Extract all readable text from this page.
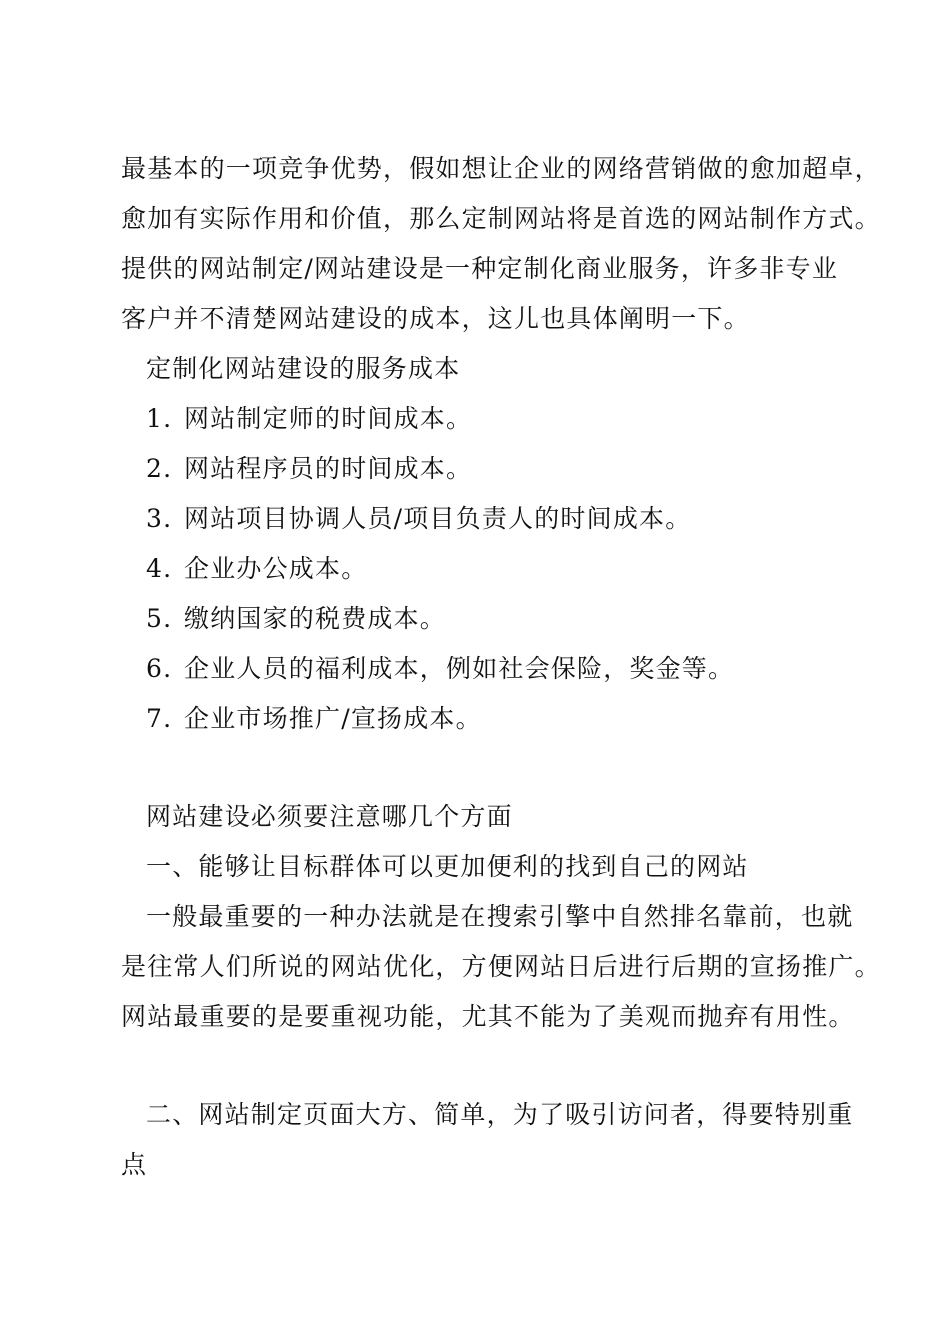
最基本的一项竞争优势，假如想让企业的网络营销做的愈加超卓，
愈加有实际作用和价值，那么定制网站将是首选的网站制作方式。
提供的网站制定/网站建设是一种定制化商业服务，许多非专业
客户并不清楚网站建设的成本，这儿也具体阐明一下。
定制化网站建设的服务成本
1. 网站制定师的时间成本。
2. 网站程序员的时间成本。
3. 网站项目协调人员/项目负责人的时间成本。
4. 企业办公成本。
5. 缴纳国家的税费成本。
6. 企业人员的福利成本，例如社会保险，奖金等。
7. 企业市场推广/宣扬成本。
网站建设必须要注意哪几个方面
一、能够让目标群体可以更加便利的找到自己的网站
一般最重要的一种办法就是在搜索引擎中自然排名靠前，也就
是往常人们所说的网站优化，方便网站日后进行后期的宣扬推广。
网站最重要的是要重视功能，尤其不能为了美观而抛弃有用性。
二、网站制定页面大方、简单，为了吸引访问者，得要特别重
点
